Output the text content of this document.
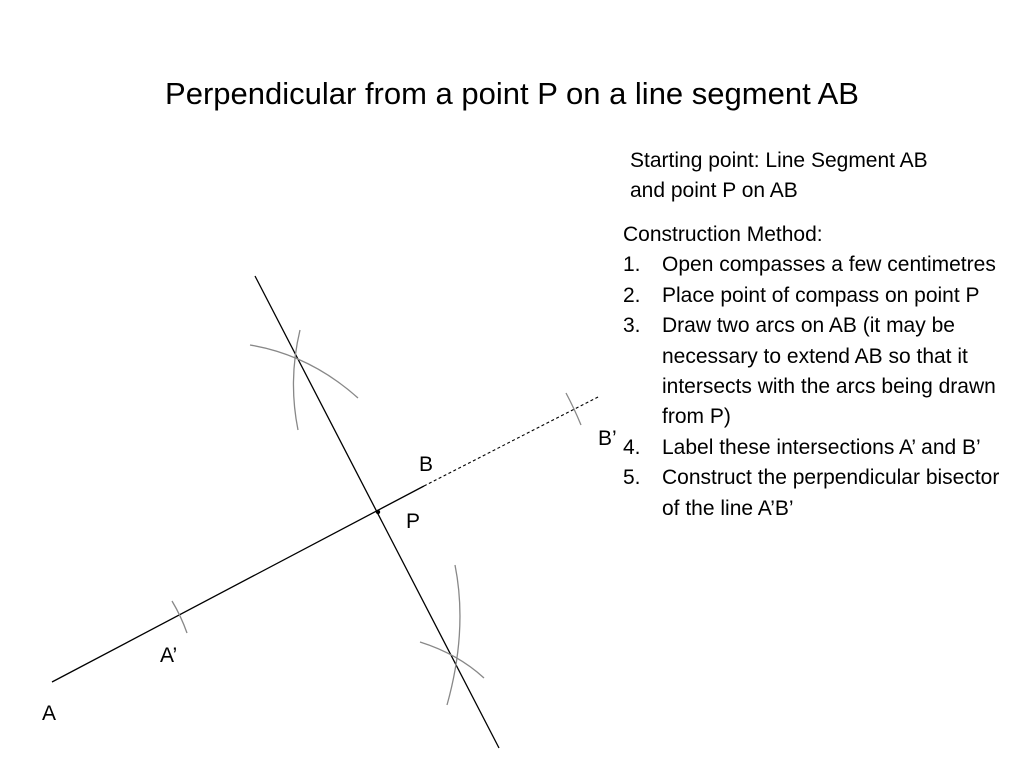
Perpendicular from a point P on a line segment AB
Starting point: Line Segment AB
and point P on AB
Construction Method:
1. Open compasses a few centimetres
2. Place point of compass on point P
3. Draw two arcs on AB (it may be necessary to extend AB so that it intersects with the arcs being drawn from P)
4. Label these intersections A’ and B’
5. Construct the perpendicular bisector of the line A’B’
A
A’
B
P
B’
